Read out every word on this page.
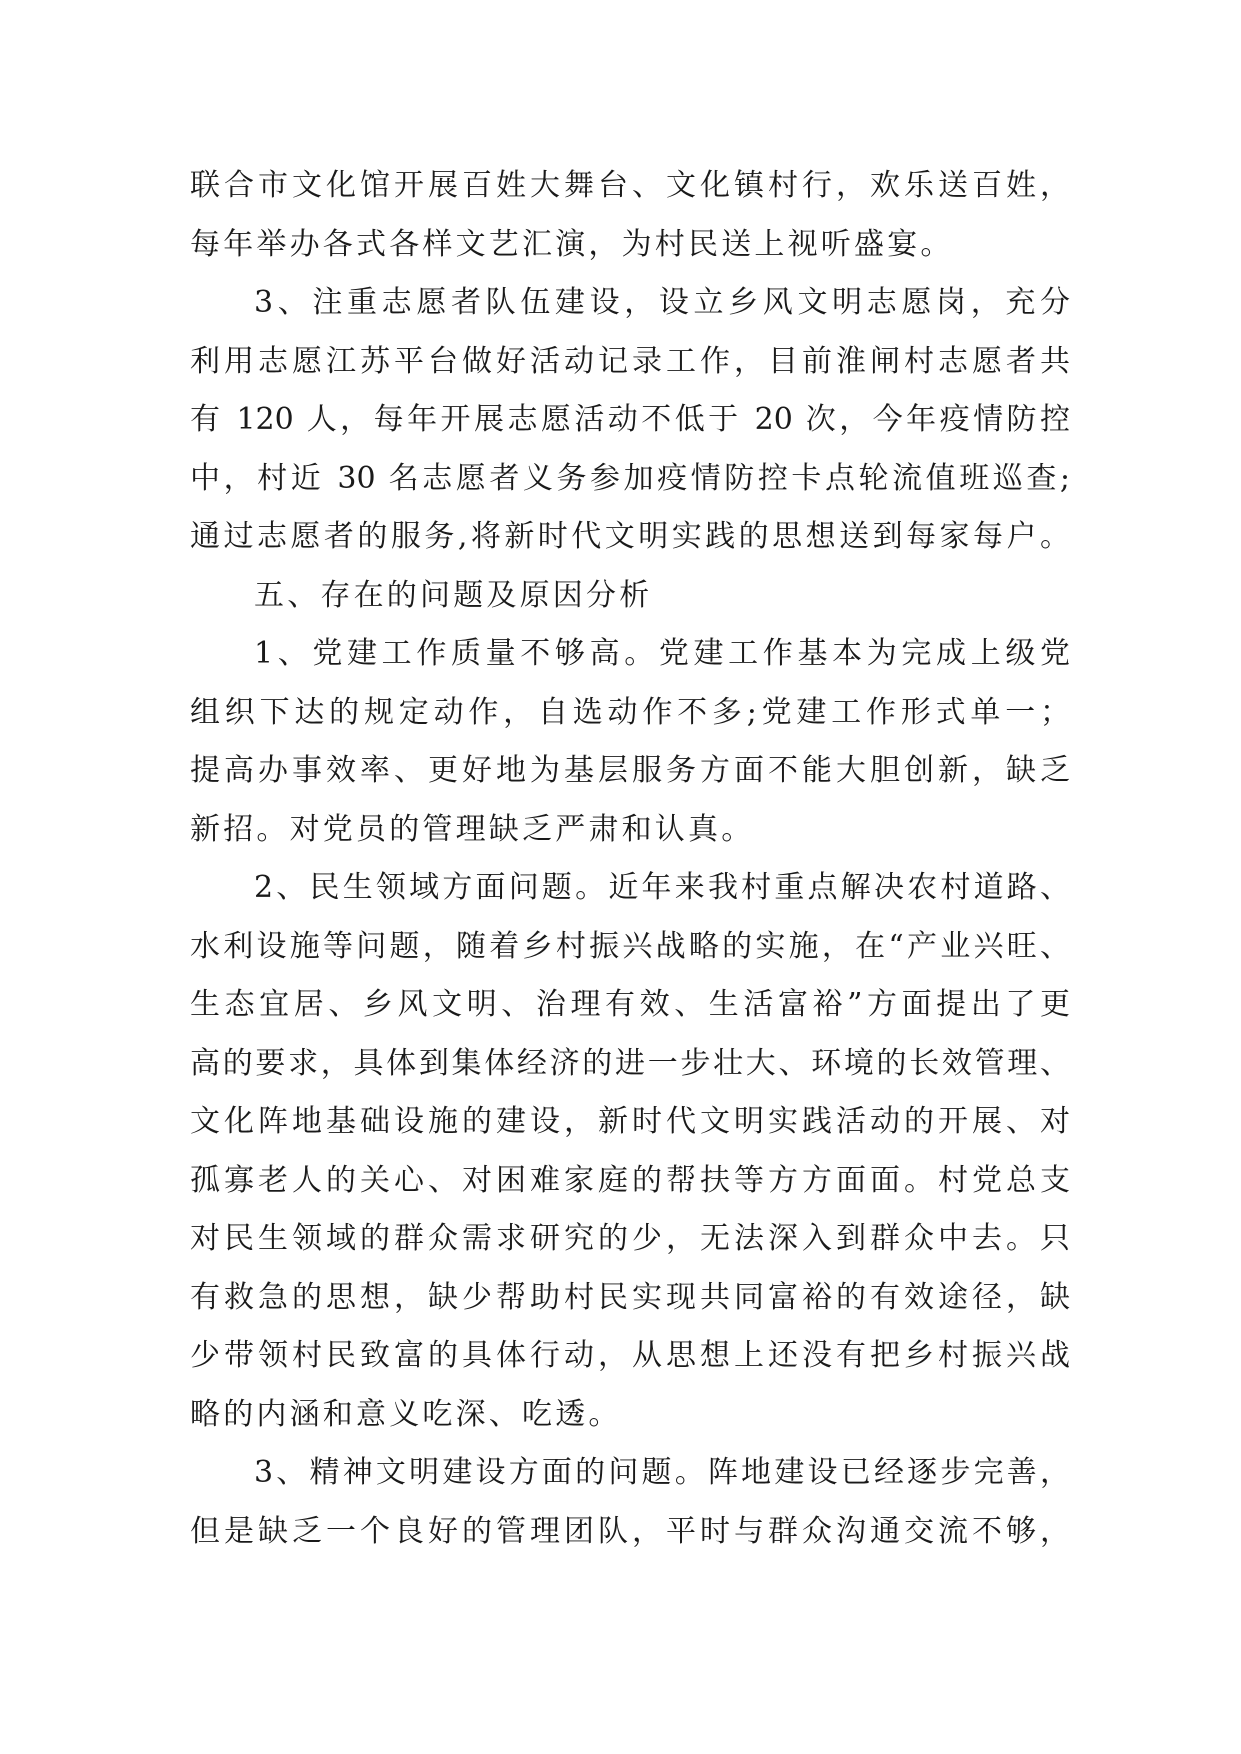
联合市文化馆开展百姓大舞台、文化镇村行，欢乐送百姓，
每年举办各式各样文艺汇演，为村民送上视听盛宴。
3、注重志愿者队伍建设，设立乡风文明志愿岗，充分
利用志愿江苏平台做好活动记录工作，目前淮闸村志愿者共
有 120 人，每年开展志愿活动不低于 20 次，今年疫情防控
中，村近 30 名志愿者义务参加疫情防控卡点轮流值班巡查;
通过志愿者的服务,将新时代文明实践的思想送到每家每户。
五、存在的问题及原因分析
1、党建工作质量不够高。党建工作基本为完成上级党
组织下达的规定动作，自选动作不多;党建工作形式单一；
提高办事效率、更好地为基层服务方面不能大胆创新，缺乏
新招。对党员的管理缺乏严肃和认真。
2、民生领域方面问题。近年来我村重点解决农村道路、
水利设施等问题，随着乡村振兴战略的实施，在“产业兴旺、
生态宜居、乡风文明、治理有效、生活富裕”方面提出了更
高的要求，具体到集体经济的进一步壮大、环境的长效管理、
文化阵地基础设施的建设，新时代文明实践活动的开展、对
孤寡老人的关心、对困难家庭的帮扶等方方面面。村党总支
对民生领域的群众需求研究的少，无法深入到群众中去。只
有救急的思想，缺少帮助村民实现共同富裕的有效途径，缺
少带领村民致富的具体行动，从思想上还没有把乡村振兴战
略的内涵和意义吃深、吃透。
3、精神文明建设方面的问题。阵地建设已经逐步完善，
但是缺乏一个良好的管理团队，平时与群众沟通交流不够，
